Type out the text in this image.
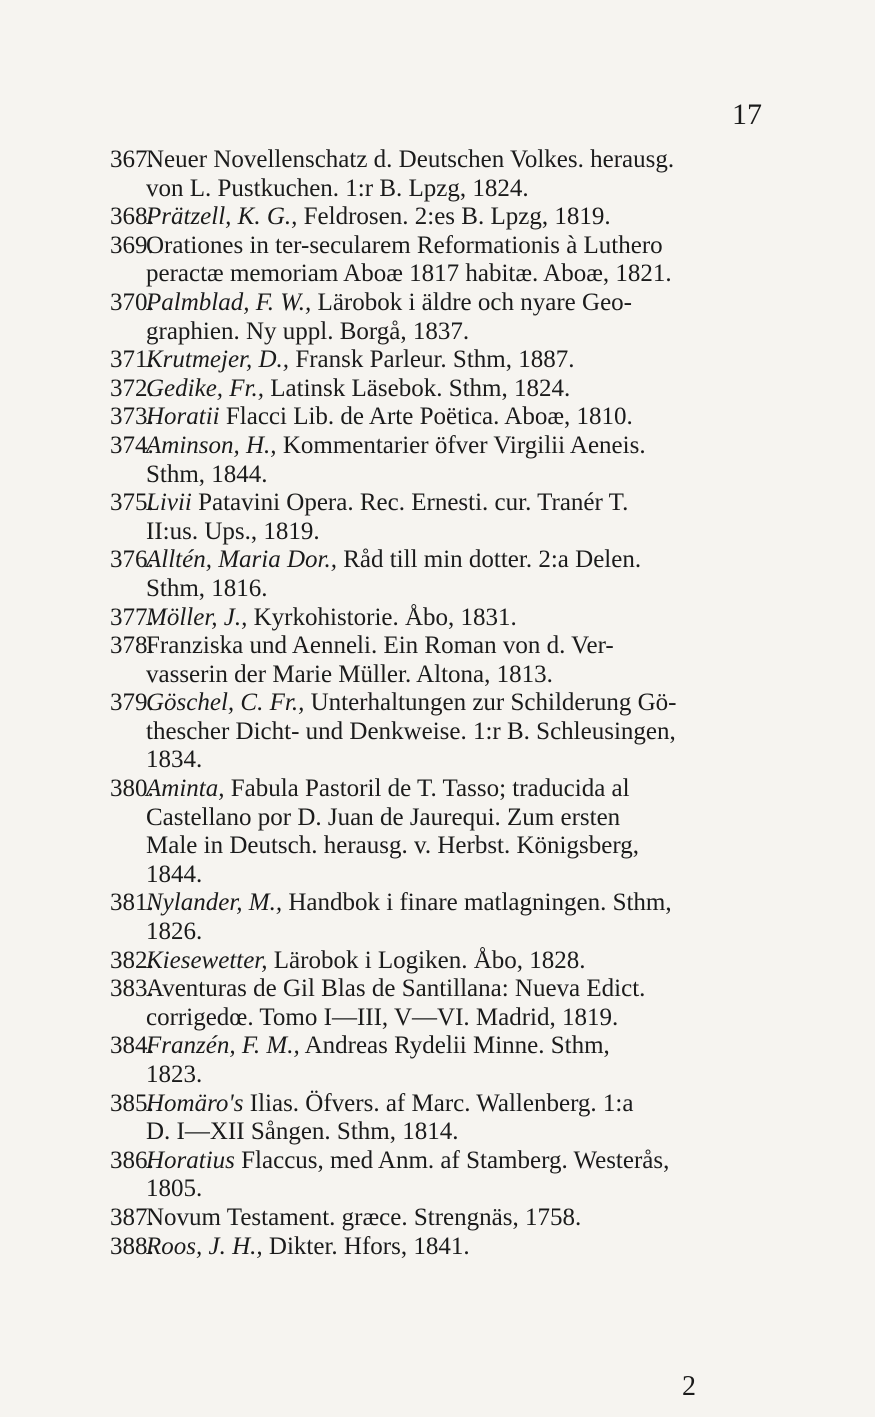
17
367.
Neuer Novellenschatz d. Deutschen Volkes. herausg.
von L. Pustkuchen. 1:r B. Lpzg, 1824.
368.
Prätzell, K. G., Feldrosen. 2:es B. Lpzg, 1819.
369.
Orationes in ter-secularem Reformationis à Luthero
peractæ memoriam Aboæ 1817 habitæ. Aboæ, 1821.
370.
Palmblad, F. W., Lärobok i äldre och nyare Geo-
graphien. Ny uppl. Borgå, 1837.
371.
Krutmejer, D., Fransk Parleur. Sthm, 1887.
372.
Gedike, Fr., Latinsk Läsebok. Sthm, 1824.
373.
Horatii Flacci Lib. de Arte Poëtica. Aboæ, 1810.
374.
Aminson, H., Kommentarier öfver Virgilii Aeneis.
Sthm, 1844.
375.
Livii Patavini Opera. Rec. Ernesti. cur. Tranér T.
II:us. Ups., 1819.
376.
Alltén, Maria Dor., Råd till min dotter. 2:a Delen.
Sthm, 1816.
377.
Möller, J., Kyrkohistorie. Åbo, 1831.
378.
Franziska und Aenneli. Ein Roman von d. Ver-
vasserin der Marie Müller. Altona, 1813.
379.
Göschel, C. Fr., Unterhaltungen zur Schilderung Gö-
thescher Dicht- und Denkweise. 1:r B. Schleusingen,
1834.
380.
Aminta, Fabula Pastoril de T. Tasso; traducida al
Castellano por D. Juan de Jaurequi. Zum ersten
Male in Deutsch. herausg. v. Herbst. Königsberg,
1844.
381.
Nylander, M., Handbok i finare matlagningen. Sthm,
1826.
382.
Kiesewetter, Lärobok i Logiken. Åbo, 1828.
383.
Aventuras de Gil Blas de Santillana: Nueva Edict.
corrigedœ. Tomo I—III, V—VI. Madrid, 1819.
384.
Franzén, F. M., Andreas Rydelii Minne. Sthm,
1823.
385.
Homäro's Ilias. Öfvers. af Marc. Wallenberg. 1:a
D. I—XII Sången. Sthm, 1814.
386.
Horatius Flaccus, med Anm. af Stamberg. Westerås,
1805.
387.
Novum Testament. græce. Strengnäs, 1758.
388.
Roos, J. H., Dikter. Hfors, 1841.
2
